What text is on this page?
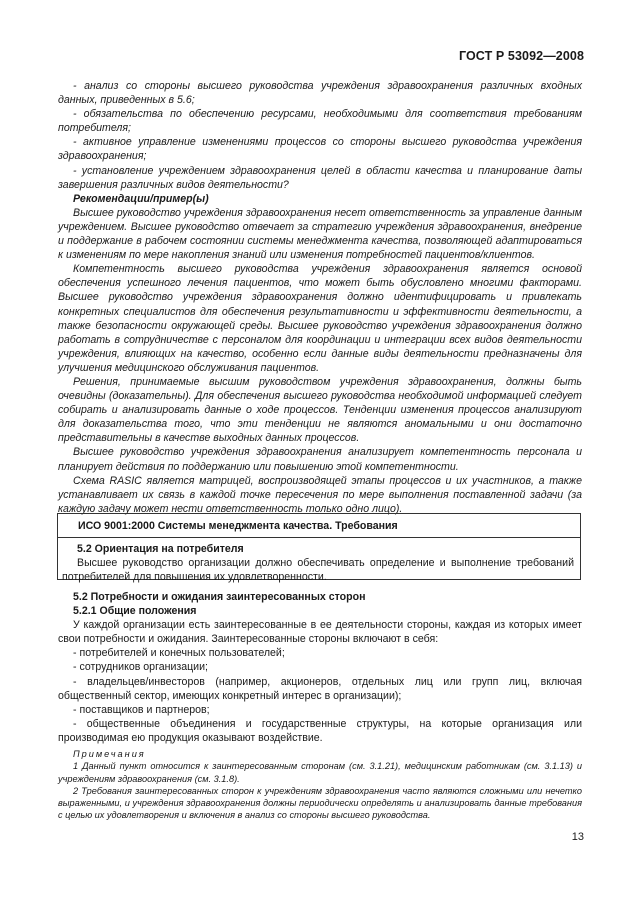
ГОСТ Р 53092—2008

- анализ со стороны высшего руководства учреждения здравоохранения различных входных данных, приведенных в 5.6;

- обязательства по обеспечению ресурсами, необходимыми для соответствия требованиям потребителя;

- активное управление изменениями процессов со стороны высшего руководства учреждения здравоохранения;

- установление учреждением здравоохранения целей в области качества и планирование даты завершения различных видов деятельности?

Рекомендации/пример(ы)

Высшее руководство учреждения здравоохранения несет ответственность за управление данным учреждением. Высшее руководство отвечает за стратегию учреждения здравоохранения, внедрение и поддержание в рабочем состоянии системы менеджмента качества, позволяющей адаптироваться к изменениям по мере накопления знаний или изменения потребностей пациентов/клиентов.

Компетентность высшего руководства учреждения здравоохранения является основой обеспечения успешного лечения пациентов, что может быть обусловлено многими факторами. Высшее руководство учреждения здравоохранения должно идентифицировать и привлекать конкретных специалистов для обеспечения результативности и эффективности деятельности, а также безопасности окружающей среды. Высшее руководство учреждения здравоохранения должно работать в сотрудничестве с персоналом для координации и интеграции всех видов деятельности учреждения, влияющих на качество, особенно если данные виды деятельности предназначены для улучшения медицинского обслуживания пациентов.

Решения, принимаемые высшим руководством учреждения здравоохранения, должны быть очевидны (доказательны). Для обеспечения высшего руководства необходимой информацией следует собирать и анализировать данные о ходе процессов. Тенденции изменения процессов анализируют для доказательства того, что эти тенденции не являются аномальными и они достаточно представительны в качестве выходных данных процессов.

Высшее руководство учреждения здравоохранения анализирует компетентность персонала и планирует действия по поддержанию или повышению этой компетентности.

Схема RASIC является матрицей, воспроизводящей этапы процессов и их участников, а также устанавливает их связь в каждой точке пересечения по мере выполнения поставленной задачи (за каждую задачу может нести ответственность только одно лицо).

ИСО 9001:2000 Системы менеджмента качества. Требования

5.2 Ориентация на потребителя

Высшее руководство организации должно обеспечивать определение и выполнение требований потребителей для повышения их удовлетворенности.

5.2 Потребности и ожидания заинтересованных сторон

5.2.1 Общие положения

У каждой организации есть заинтересованные в ее деятельности стороны, каждая из которых имеет свои потребности и ожидания. Заинтересованные стороны включают в себя:

- потребителей и конечных пользователей;

- сотрудников организации;

- владельцев/инвесторов (например, акционеров, отдельных лиц или групп лиц, включая общественный сектор, имеющих конкретный интерес в организации);

- поставщиков и партнеров;

- общественные объединения и государственные структуры, на которые организация или производимая ею продукция оказывают воздействие.

Примечания

1 Данный пункт относится к заинтересованным сторонам (см. 3.1.21), медицинским работникам (см. 3.1.13) и учреждениям здравоохранения (см. 3.1.8).

2 Требования заинтересованных сторон к учреждениям здравоохранения часто являются сложными или нечетко выраженными, и учреждения здравоохранения должны периодически определять и анализировать данные требования с целью их удовлетворения и включения в анализ со стороны высшего руководства.

13
